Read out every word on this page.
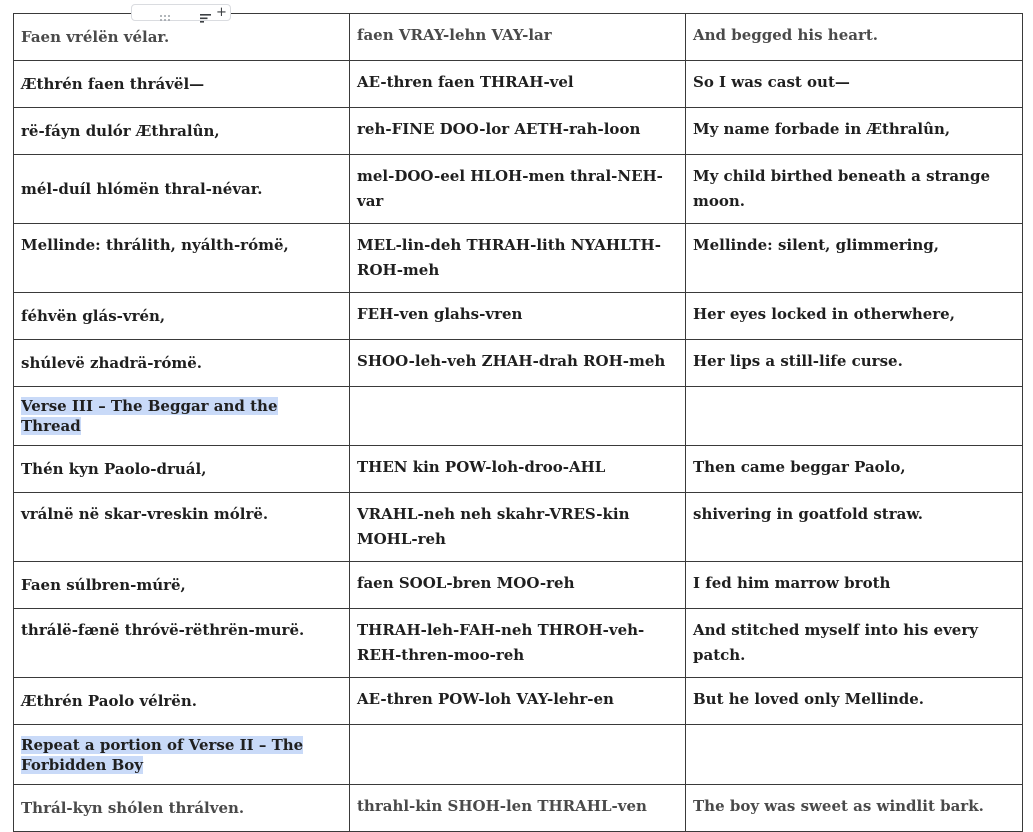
+
Faen vrélën vélar.	faen VRAY-lehn VAY-lar	And begged his heart.
Æthrén faen thrávël—	AE-thren faen THRAH-vel	So I was cast out—
rë-fáyn dulór Æthralûn,	reh-FINE DOO-lor AETH-rah-loon	My name forbade in Æthralûn,
mél-duíl hlómën thral-névar.	mel-DOO-eel HLOH-men thral-NEH-var	My child birthed beneath a strange moon.
Mellinde: thrálith, nyálth-rómë,	MEL-lin-deh THRAH-lith NYAHLTH-ROH-meh	Mellinde: silent, glimmering,
féhvën glás-vrén,	FEH-ven glahs-vren	Her eyes locked in otherwhere,
shúlevë zhadrä-rómë.	SHOO-leh-veh ZHAH-drah ROH-meh	Her lips a still-life curse.
Verse III – The Beggar and the Thread		
Thén kyn Paolo-druál,	THEN kin POW-loh-droo-AHL	Then came beggar Paolo,
vrálnë në skar-vreskin mólrë.	VRAHL-neh neh skahr-VRES-kin MOHL-reh	shivering in goatfold straw.
Faen súlbren-múrë,	faen SOOL-bren MOO-reh	I fed him marrow broth
thrálë-fænë thróvë-rëthrën-murë.	THRAH-leh-FAH-neh THROH-veh-REH-thren-moo-reh	And stitched myself into his every patch.
Æthrén Paolo vélrën.	AE-thren POW-loh VAY-lehr-en	But he loved only Mellinde.
Repeat a portion of Verse II – The Forbidden Boy		
Thrál-kyn shólen thrálven.	thrahl-kin SHOH-len THRAHL-ven	The boy was sweet as windlit bark.
